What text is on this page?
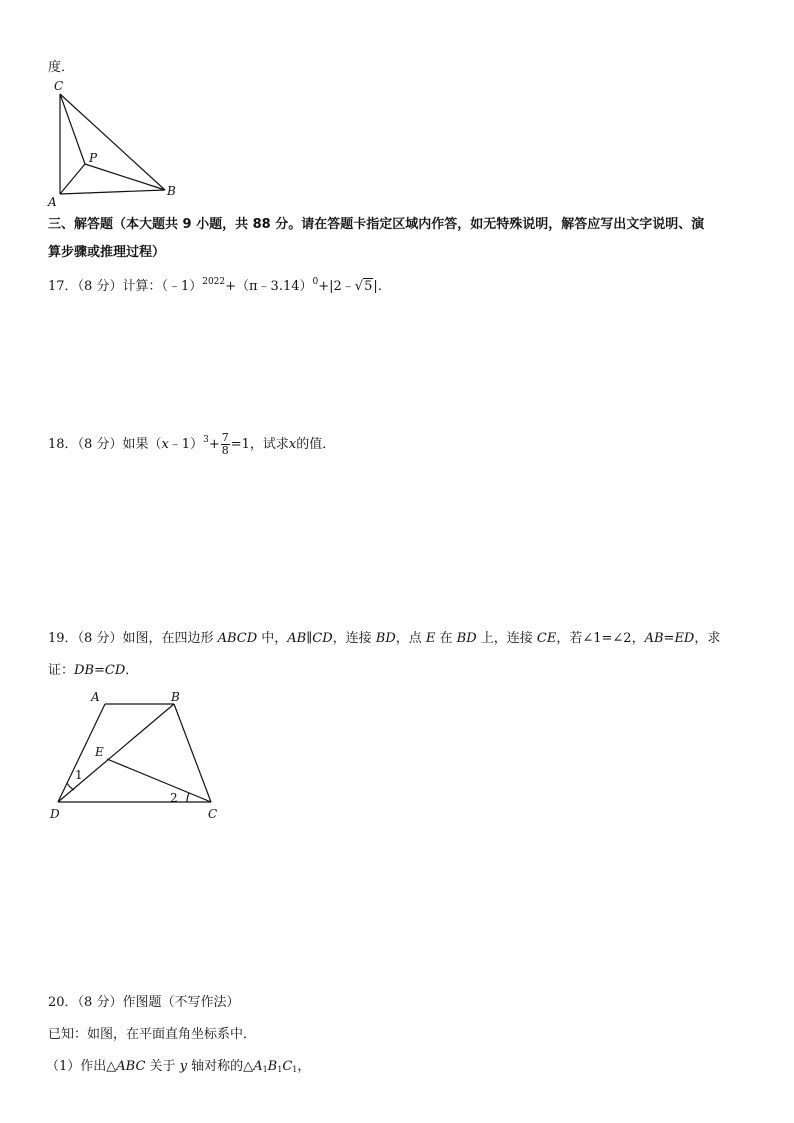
度．
C
P
A
B
三、解答题（本大题共 9 小题，共 88 分。请在答题卡指定区域内作答，如无特殊说明，解答应写出文字说明、演
算步骤或推理过程）
17．（8 分）计算：（﹣1）$^{2022}$+（π﹣3.14）$^0$+|2﹣√5|.
18．（8 分）如果（x﹣1）$^3$+ $\frac{7}{8} =1$，试求x的值．
19．（8 分）如图，在四边形 ABCD 中，AB∥CD，连接 BD，点 E 在 BD 上，连接 CE，若∠1=∠2，AB=ED，求
证：DB=CD．
A	B
E
D	C
1
2
20．（8 分）作图题（不写作法）
已知：如图，在平面直角坐标系中．
（1）作出△ABC 关于 y 轴对称的$\triangle A_1B_1C_1$，
